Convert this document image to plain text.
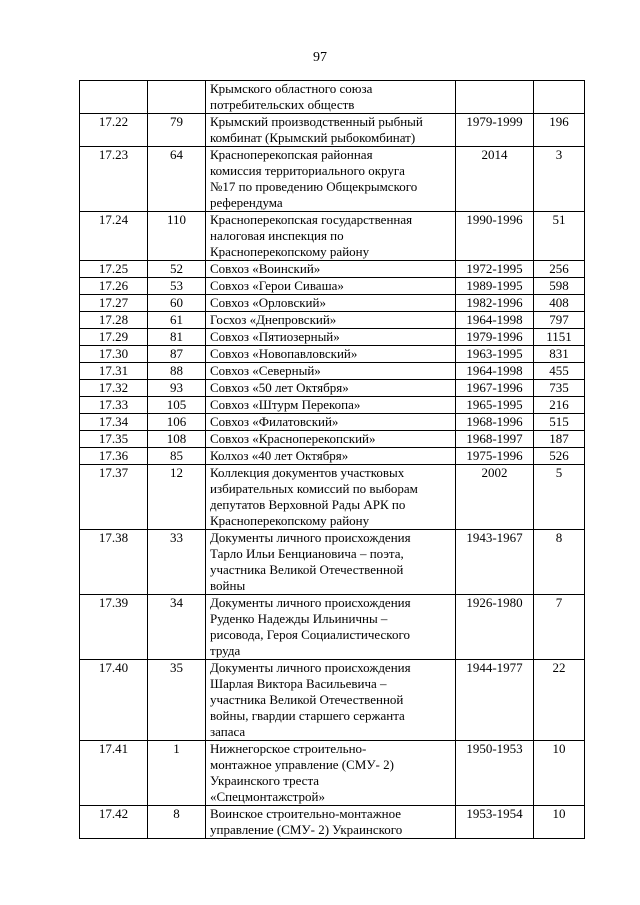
97

		Крымского областного союза
потребительских обществ		

17.22	79	Крымский производственный рыбный
комбинат (Крымский рыбокомбинат)	1979-1999	196
17.23	64	Красноперекопская районная
комиссия территориального округа
№17 по проведению Общекрымского
референдума	2014	3
17.24	110	Красноперекопская государственная
налоговая инспекция по
Красноперекопскому району	1990-1996	51
17.25	52	Совхоз «Воинский»	1972-1995	256
17.26	53	Совхоз «Герои Сиваша»	1989-1995	598
17.27	60	Совхоз «Орловский»	1982-1996	408
17.28	61	Госхоз «Днепровский»	1964-1998	797
17.29	81	Совхоз «Пятиозерный»	1979-1996	1151
17.30	87	Совхоз «Новопавловский»	1963-1995	831
17.31	88	Совхоз «Северный»	1964-1998	455
17.32	93	Совхоз «50 лет Октября»	1967-1996	735
17.33	105	Совхоз «Штурм Перекопа»	1965-1995	216
17.34	106	Совхоз «Филатовский»	1968-1996	515
17.35	108	Совхоз «Красноперекопский»	1968-1997	187
17.36	85	Колхоз «40 лет Октября»	1975-1996	526
17.37	12	Коллекция документов участковых
избирательных комиссий по выборам
депутатов Верховной Рады АРК по
Красноперекопскому району	2002	5
17.38	33	Документы личного происхождения
Тарло Ильи Бенциановича – поэта,
участника Великой Отечественной
войны	1943-1967	8
17.39	34	Документы личного происхождения
Руденко Надежды Ильиничны –
рисовода, Героя Социалистического
труда	1926-1980	7
17.40	35	Документы личного происхождения
Шарлая Виктора Васильевича –
участника Великой Отечественной
войны, гвардии старшего сержанта
запаса	1944-1977	22
17.41	1	Нижнегорское строительно-
монтажное управление (СМУ- 2)
Украинского треста
«Спецмонтажстрой»	1950-1953	10
17.42	8	Воинское строительно-монтажное
управление (СМУ- 2) Украинского	1953-1954	10
